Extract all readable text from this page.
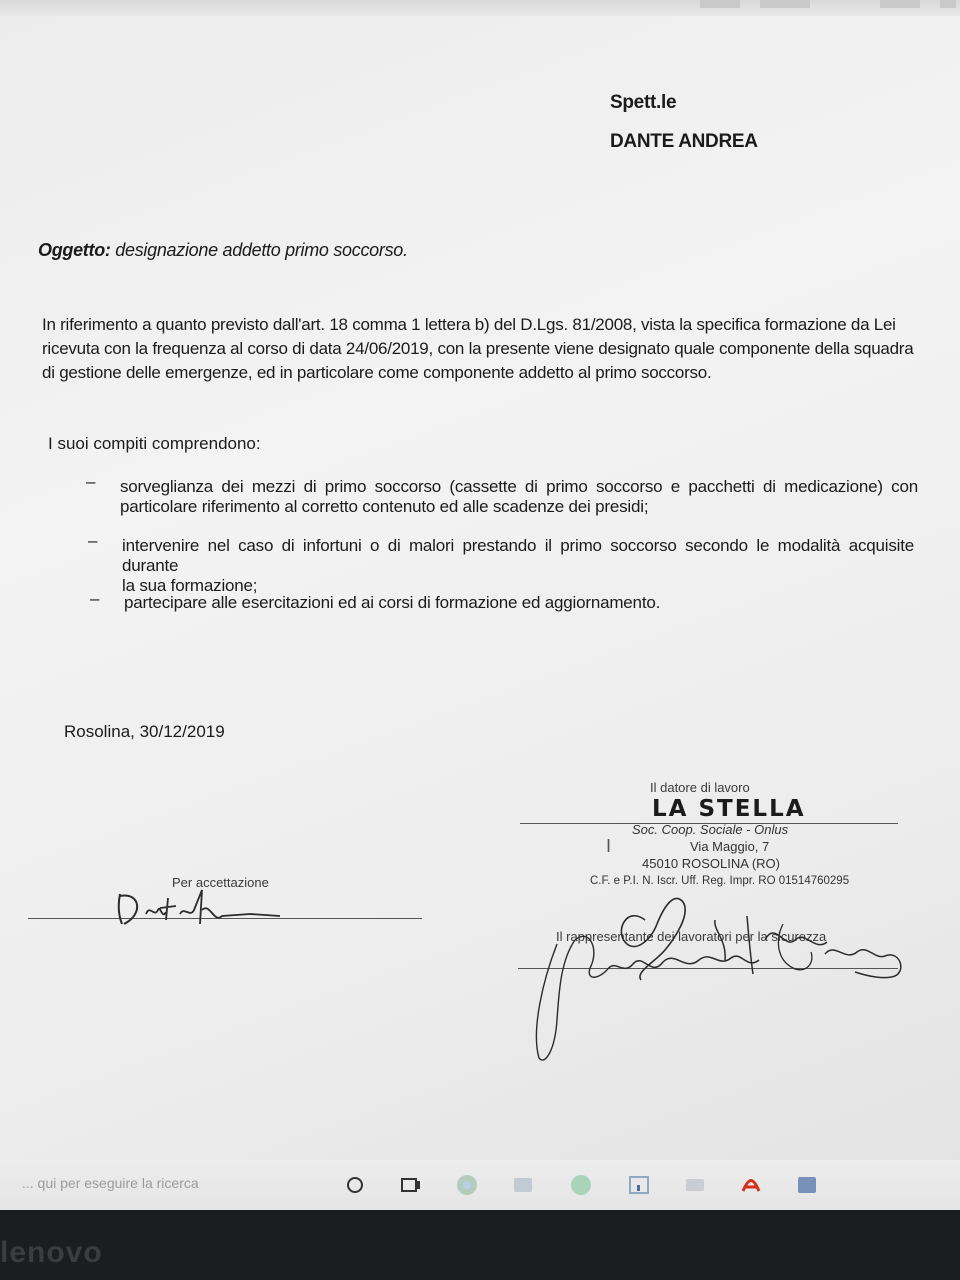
Spett.le
DANTE ANDREA
Oggetto: designazione addetto primo soccorso.
In riferimento a quanto previsto dall'art. 18 comma 1 lettera b) del D.Lgs. 81/2008, vista la specifica formazione da Lei
ricevuta con la frequenza al corso di data 24/06/2019, con la presente viene designato quale componente della squadra
di gestione delle emergenze, ed in particolare come componente addetto al primo soccorso.
I suoi compiti comprendono:
– sorveglianza dei mezzi di primo soccorso (cassette di primo soccorso e pacchetti di medicazione) con
particolare riferimento al corretto contenuto ed alle scadenze dei presidi;
– intervenire nel caso di infortuni o di malori prestando il primo soccorso secondo le modalità acquisite durante
la sua formazione;
– partecipare alle esercitazioni ed ai corsi di formazione ed aggiornamento.
Rosolina, 30/12/2019
Il datore di lavoro
LA STELLA
Soc. Coop. Sociale - Onlus
Via Maggio, 7
I
45010 ROSOLINA (RO)
C.F. e P.I. N. Iscr. Uff. Reg. Impr. RO 01514760295
Per accettazione
Il rappresentante dei lavoratori per la sicurezza
... qui per eseguire la ricerca
lenovo
